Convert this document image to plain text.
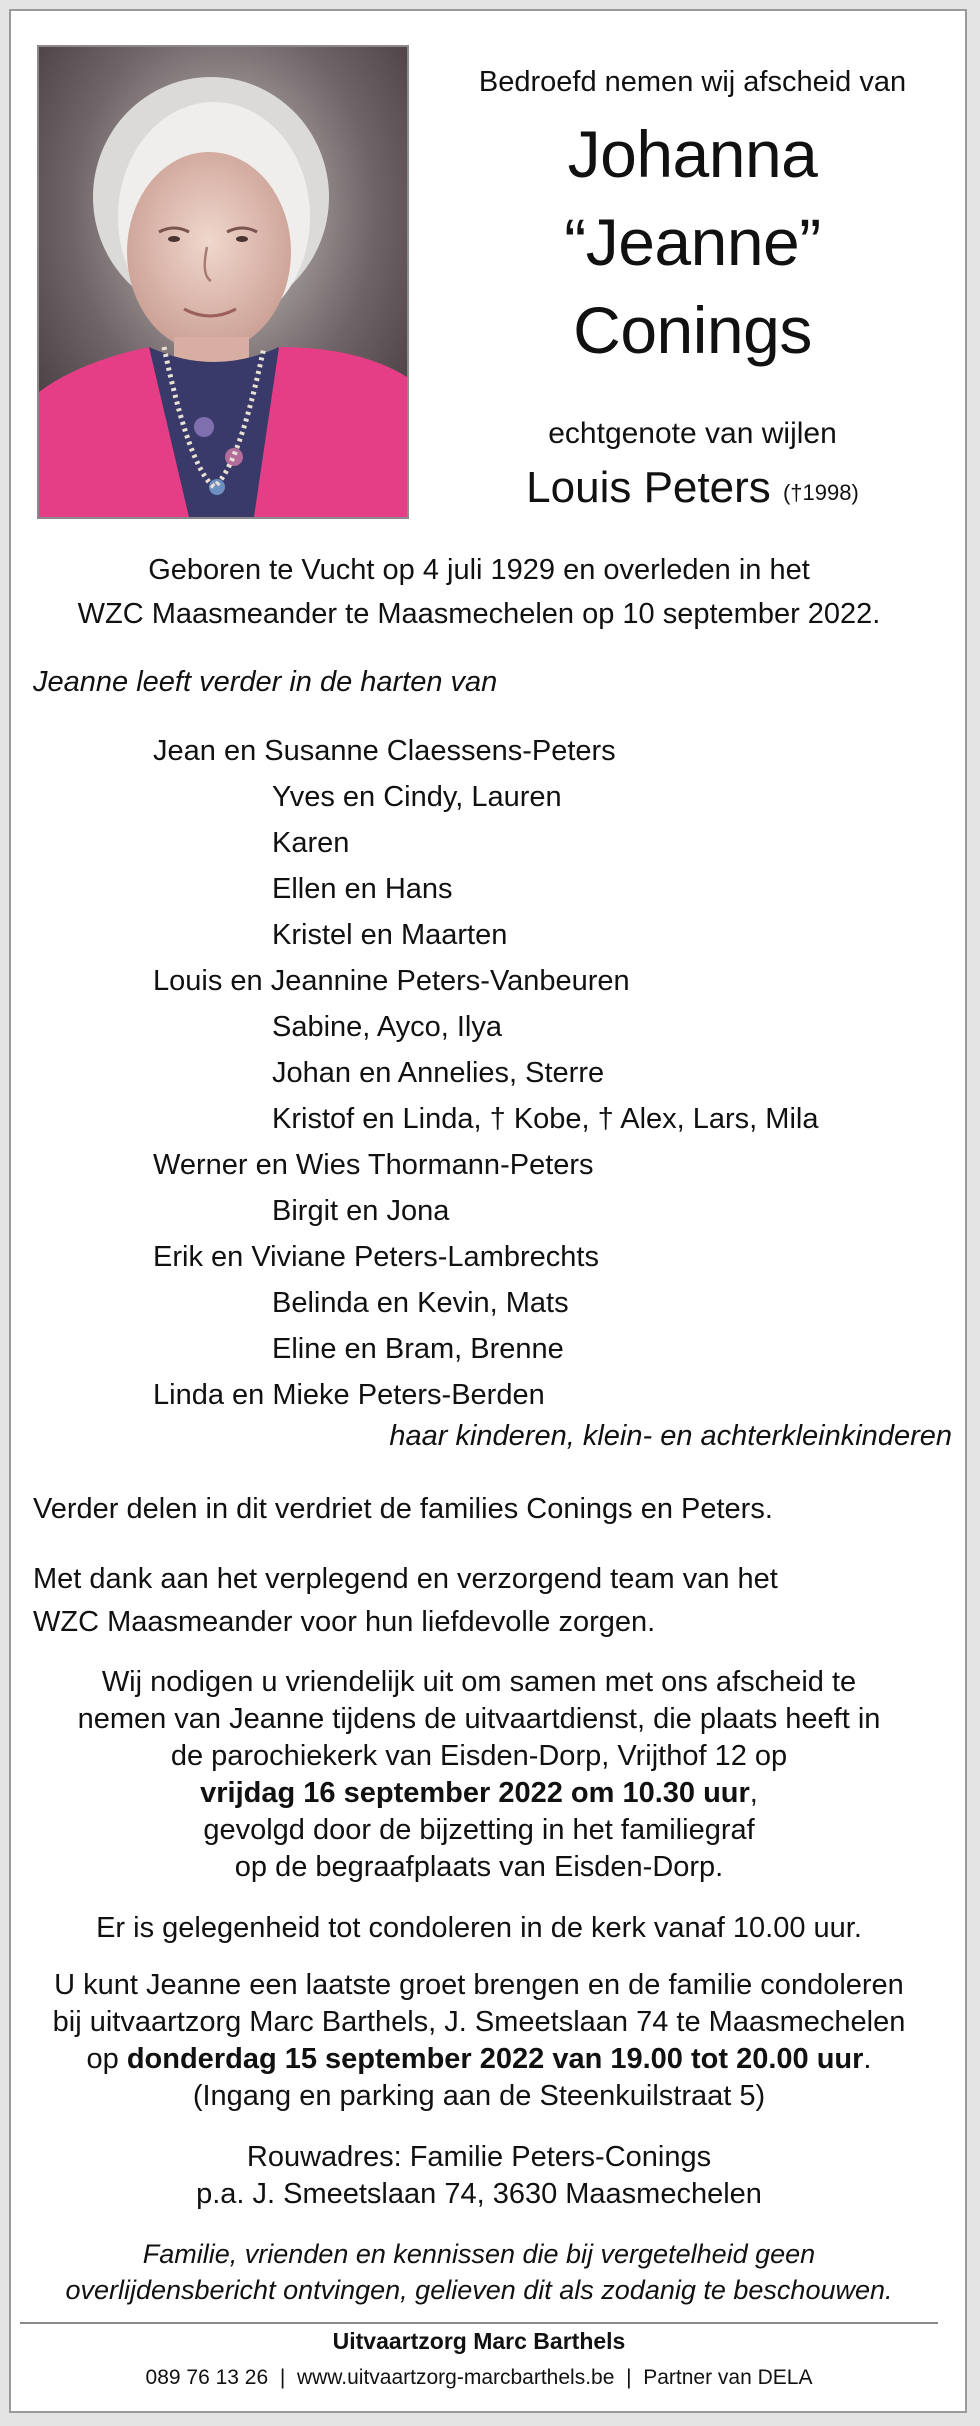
Bedroefd nemen wij afscheid van
Johanna
“Jeanne”
Conings
echtgenote van wijlen
Louis Peters (†1998)
Geboren te Vucht op 4 juli 1929 en overleden in het
WZC Maasmeander te Maasmechelen op 10 september 2022.
Jeanne leeft verder in de harten van
Jean en Susanne Claessens-Peters
Yves en Cindy, Lauren
Karen
Ellen en Hans
Kristel en Maarten
Louis en Jeannine Peters-Vanbeuren
Sabine, Ayco, Ilya
Johan en Annelies, Sterre
Kristof en Linda, † Kobe, † Alex, Lars, Mila
Werner en Wies Thormann-Peters
Birgit en Jona
Erik en Viviane Peters-Lambrechts
Belinda en Kevin, Mats
Eline en Bram, Brenne
Linda en Mieke Peters-Berden
haar kinderen, klein- en achterkleinkinderen
Verder delen in dit verdriet de families Conings en Peters.
Met dank aan het verplegend en verzorgend team van het
WZC Maasmeander voor hun liefdevolle zorgen.
Wij nodigen u vriendelijk uit om samen met ons afscheid te
nemen van Jeanne tijdens de uitvaartdienst, die plaats heeft in
de parochiekerk van Eisden-Dorp, Vrijthof 12 op
vrijdag 16 september 2022 om 10.30 uur,
gevolgd door de bijzetting in het familiegraf
op de begraafplaats van Eisden-Dorp.
Er is gelegenheid tot condoleren in de kerk vanaf 10.00 uur.
U kunt Jeanne een laatste groet brengen en de familie condoleren
bij uitvaartzorg Marc Barthels, J. Smeetslaan 74 te Maasmechelen
op donderdag 15 september 2022 van 19.00 tot 20.00 uur.
(Ingang en parking aan de Steenkuilstraat 5)
Rouwadres: Familie Peters-Conings
p.a. J. Smeetslaan 74, 3630 Maasmechelen
Familie, vrienden en kennissen die bij vergetelheid geen
overlijdensbericht ontvingen, gelieven dit als zodanig te beschouwen.
Uitvaartzorg Marc Barthels
089 76 13 26 | www.uitvaartzorg-marcbarthels.be | Partner van DELA
